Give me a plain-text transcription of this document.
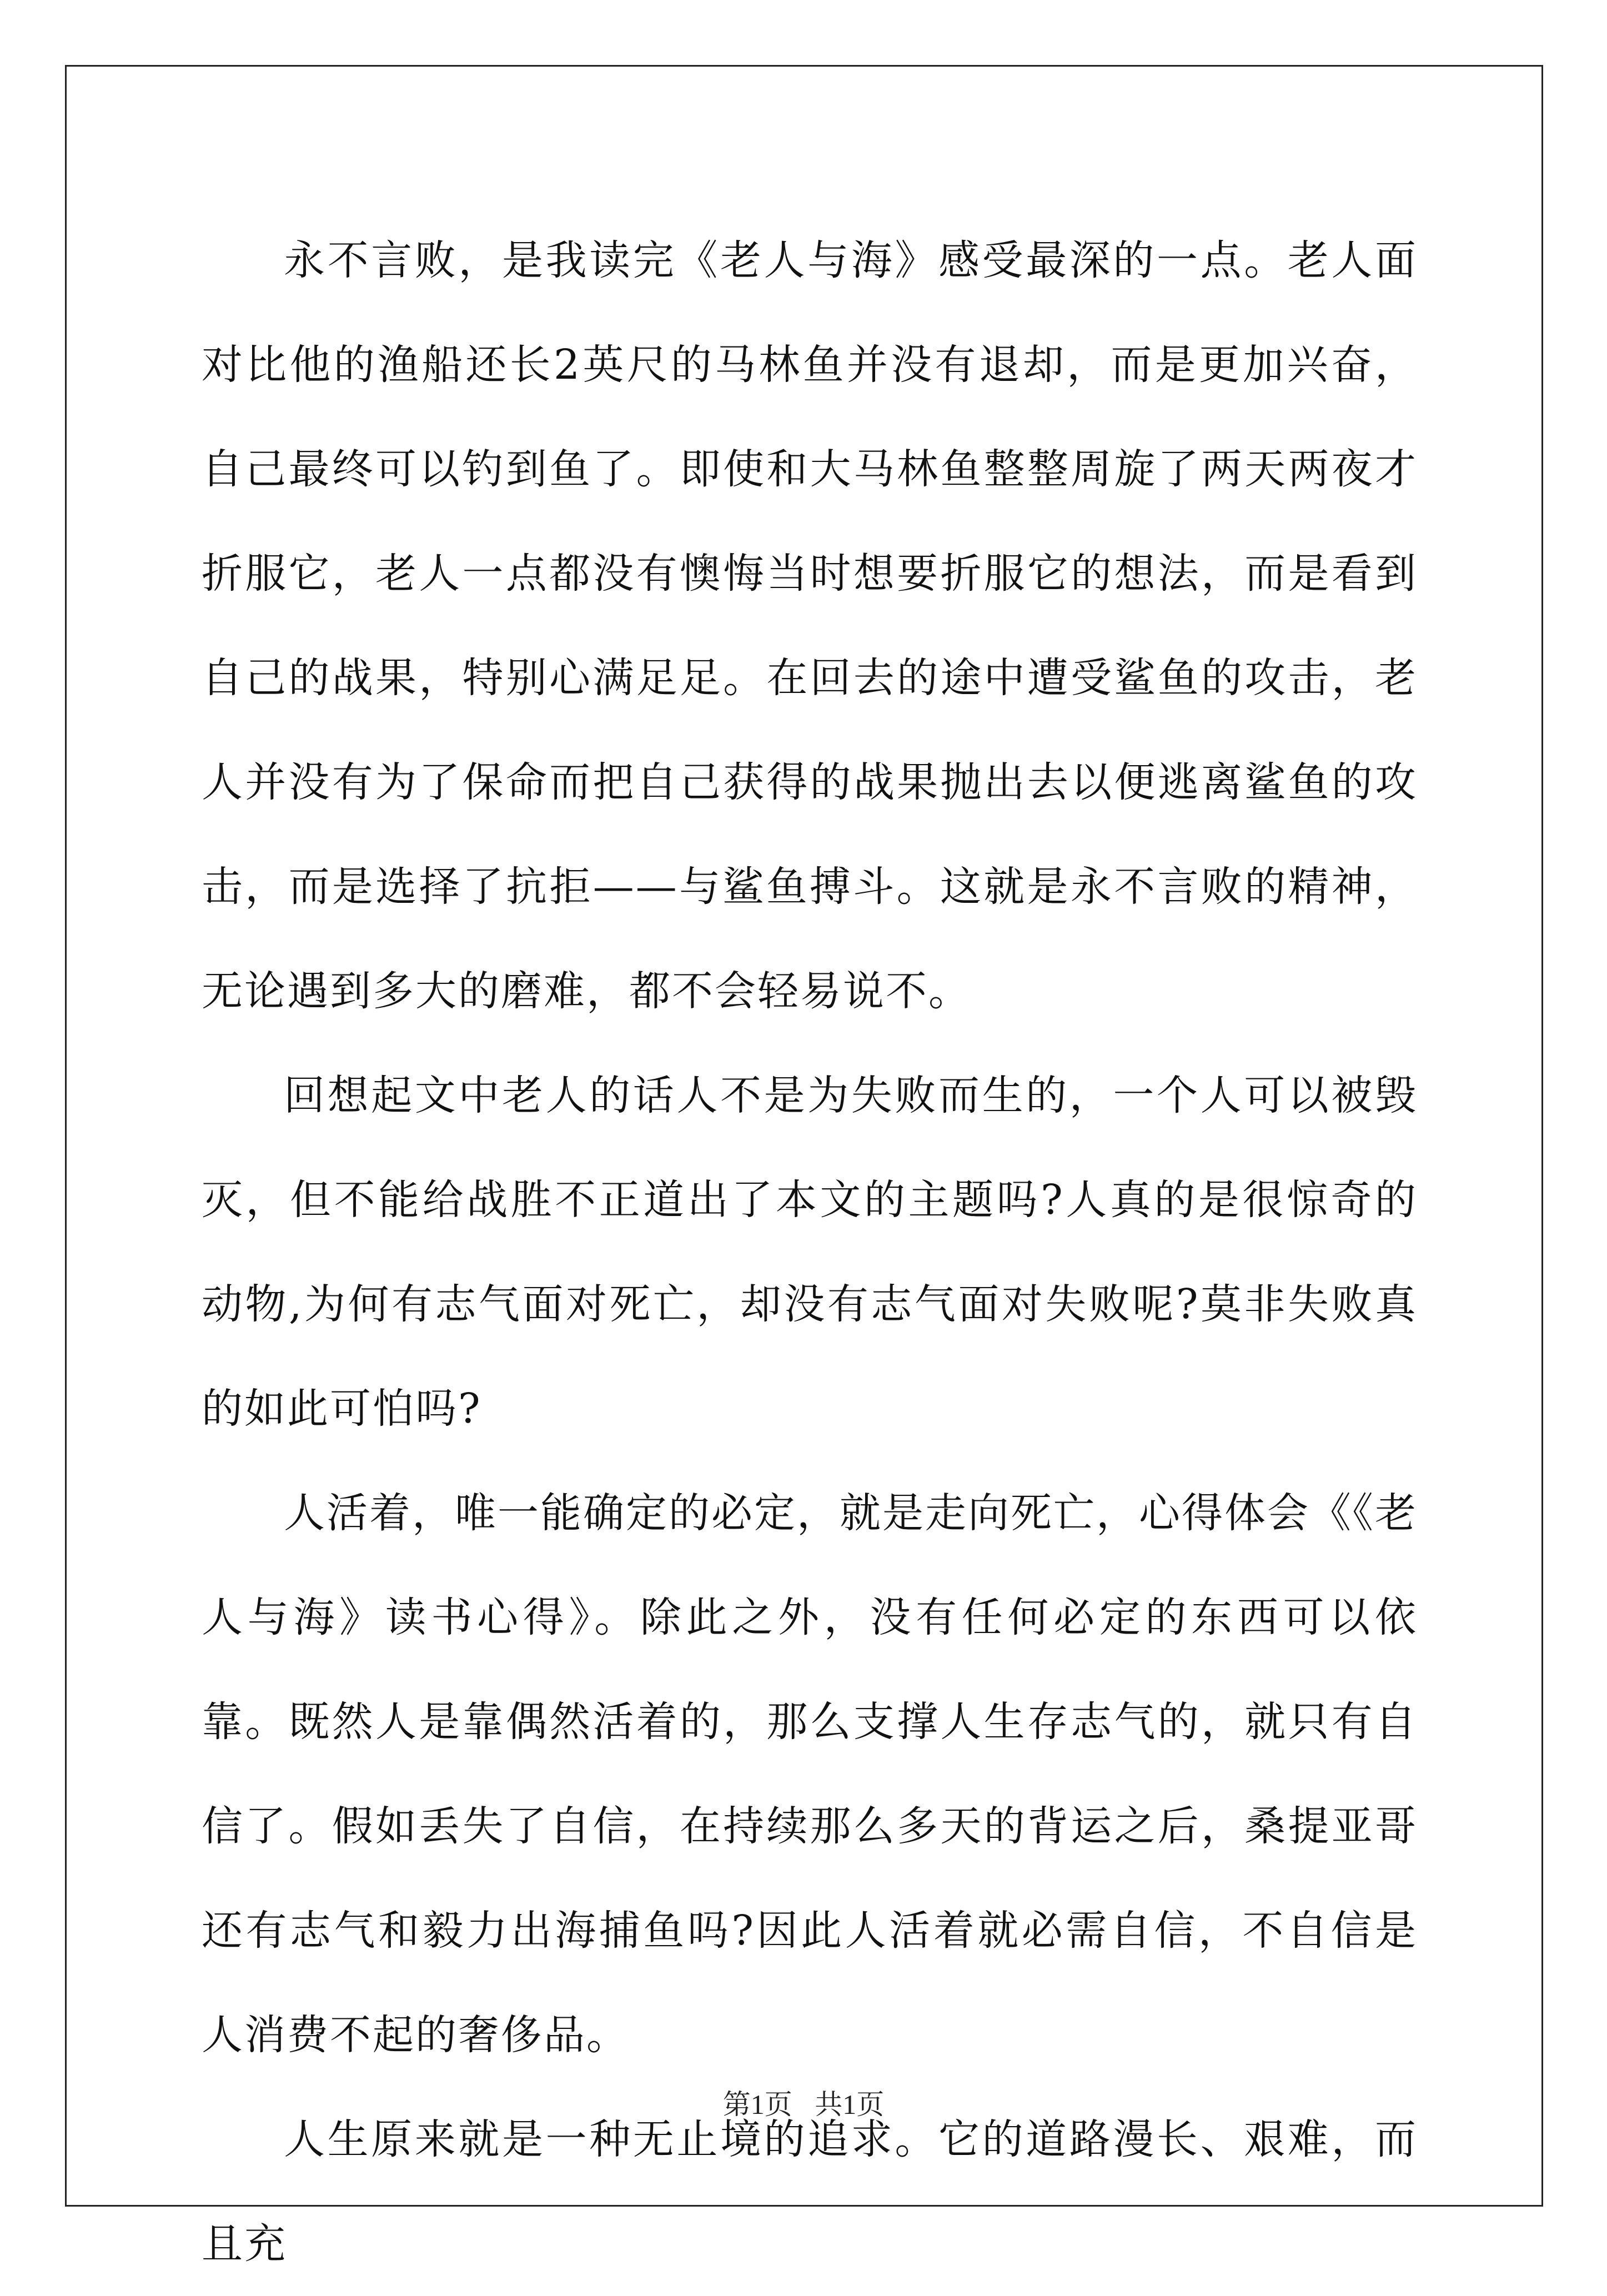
永不言败，是我读完《老人与海》感受最深的一点。老人面对比他的渔船还长2英尺的马林鱼并没有退却，而是更加兴奋，自己最终可以钓到鱼了。即使和大马林鱼整整周旋了两天两夜才折服它，老人一点都没有懊悔当时想要折服它的想法，而是看到自己的战果，特别心满足足。在回去的途中遭受鲨鱼的攻击，老人并没有为了保命而把自己获得的战果抛出去以便逃离鲨鱼的攻击，而是选择了抗拒——与鲨鱼搏斗。这就是永不言败的精神，无论遇到多大的磨难，都不会轻易说不。

回想起文中老人的话人不是为失败而生的，一个人可以被毁灭，但不能给战胜不正道出了本文的主题吗?人真的是很惊奇的动物,为何有志气面对死亡，却没有志气面对失败呢?莫非失败真的如此可怕吗?

人活着，唯一能确定的必定，就是走向死亡，心得体会《《老人与海》读书心得》。除此之外，没有任何必定的东西可以依靠。既然人是靠偶然活着的，那么支撑人生存志气的，就只有自信了。假如丢失了自信，在持续那么多天的背运之后，桑提亚哥还有志气和毅力出海捕鱼吗?因此人活着就必需自信，不自信是人消费不起的奢侈品。

人生原来就是一种无止境的追求。它的道路漫长、艰难，而且充

第1页 共1页
